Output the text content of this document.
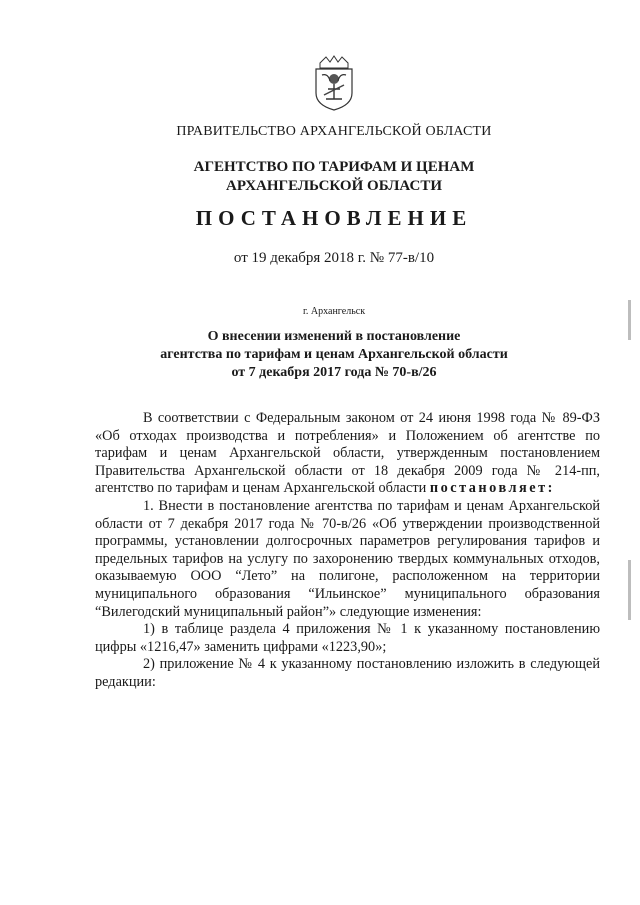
ПРАВИТЕЛЬСТВО АРХАНГЕЛЬСКОЙ ОБЛАСТИ
АГЕНТСТВО ПО ТАРИФАМ И ЦЕНАМ
АРХАНГЕЛЬСКОЙ ОБЛАСТИ
ПОСТАНОВЛЕНИЕ
от 19 декабря 2018 г. № 77-в/10
г. Архангельск
О внесении изменений в постановление
агентства по тарифам и ценам Архангельской области
от 7 декабря 2017 года № 70-в/26

В соответствии с Федеральным законом от 24 июня 1998 года № 89-ФЗ «Об отходах производства и потребления» и Положением об агентстве по тарифам и ценам Архангельской области, утвержденным постановлением Правительства Архангельской области от 18 декабря 2009 года № 214-пп, агентство по тарифам и ценам Архангельской области постановляет:

1. Внести в постановление агентства по тарифам и ценам Архангельской области от 7 декабря 2017 года № 70-в/26 «Об утверждении производственной программы, установлении долгосрочных параметров регулирования тарифов и предельных тарифов на услугу по захоронению твердых коммунальных отходов, оказываемую ООО “Лето” на полигоне, расположенном на территории муниципального образования “Ильинское” муниципального образования “Вилегодский муниципальный район”» следующие изменения:

1) в таблице раздела 4 приложения № 1 к указанному постановлению цифры «1216,47» заменить цифрами «1223,90»;

2) приложение № 4 к указанному постановлению изложить в следующей редакции:
